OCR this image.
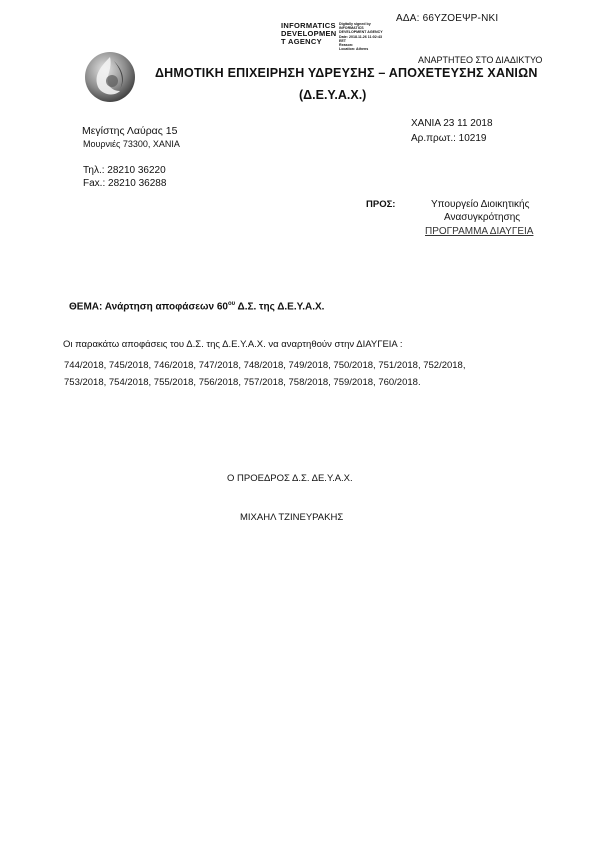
ΑΔΑ: 66ΥΖΟΕΨΡ-ΝΚΙ
INFORMATICS
DEVELOPMEN
T AGENCY
Digitally signed by
INFORMATICS
DEVELOPMENT AGENCY
Date: 2018.11.26 11:02:43
EET
Reason:
Location: Athens
ΑΝΑΡΤΗΤΕΟ ΣΤΟ ΔΙΑΔΙΚΤΥΟ
ΔΗΜΟΤΙΚΗ ΕΠΙΧΕΙΡΗΣΗ ΥΔΡΕΥΣΗΣ – ΑΠΟΧΕΤΕΥΣΗΣ ΧΑΝΙΩΝ
(Δ.Ε.Υ.Α.Χ.)
Μεγίστης Λαύρας 15
Μουρνιές 73300, ΧΑΝΙΑ
Τηλ.: 28210 36220
Fax.: 28210 36288
ΧΑΝΙΑ 23 11 2018
Αρ.πρωτ.: 10219
ΠΡΟΣ:	Υπουργείο Διοικητικής
Ανασυγκρότησης
ΠΡΟΓΡΑΜΜΑ ΔΙΑΥΓΕΙΑ
ΘΕΜΑ: Ανάρτηση αποφάσεων $60^{o\upsilon}$ Δ.Σ. της Δ.Ε.Υ.Α.Χ.
Οι παρακάτω αποφάσεις του Δ.Σ. της Δ.Ε.Υ.Α.Χ. να αναρτηθούν στην ΔΙΑΥΓΕΙΑ :
744/2018, 745/2018, 746/2018, 747/2018, 748/2018, 749/2018, 750/2018, 751/2018, 752/2018,
753/2018, 754/2018, 755/2018, 756/2018, 757/2018, 758/2018, 759/2018, 760/2018.
Ο ΠΡΟΕΔΡΟΣ Δ.Σ. ΔΕ.Υ.Α.Χ.
ΜΙΧΑΗΛ ΤΖΙΝΕΥΡΑΚΗΣ
